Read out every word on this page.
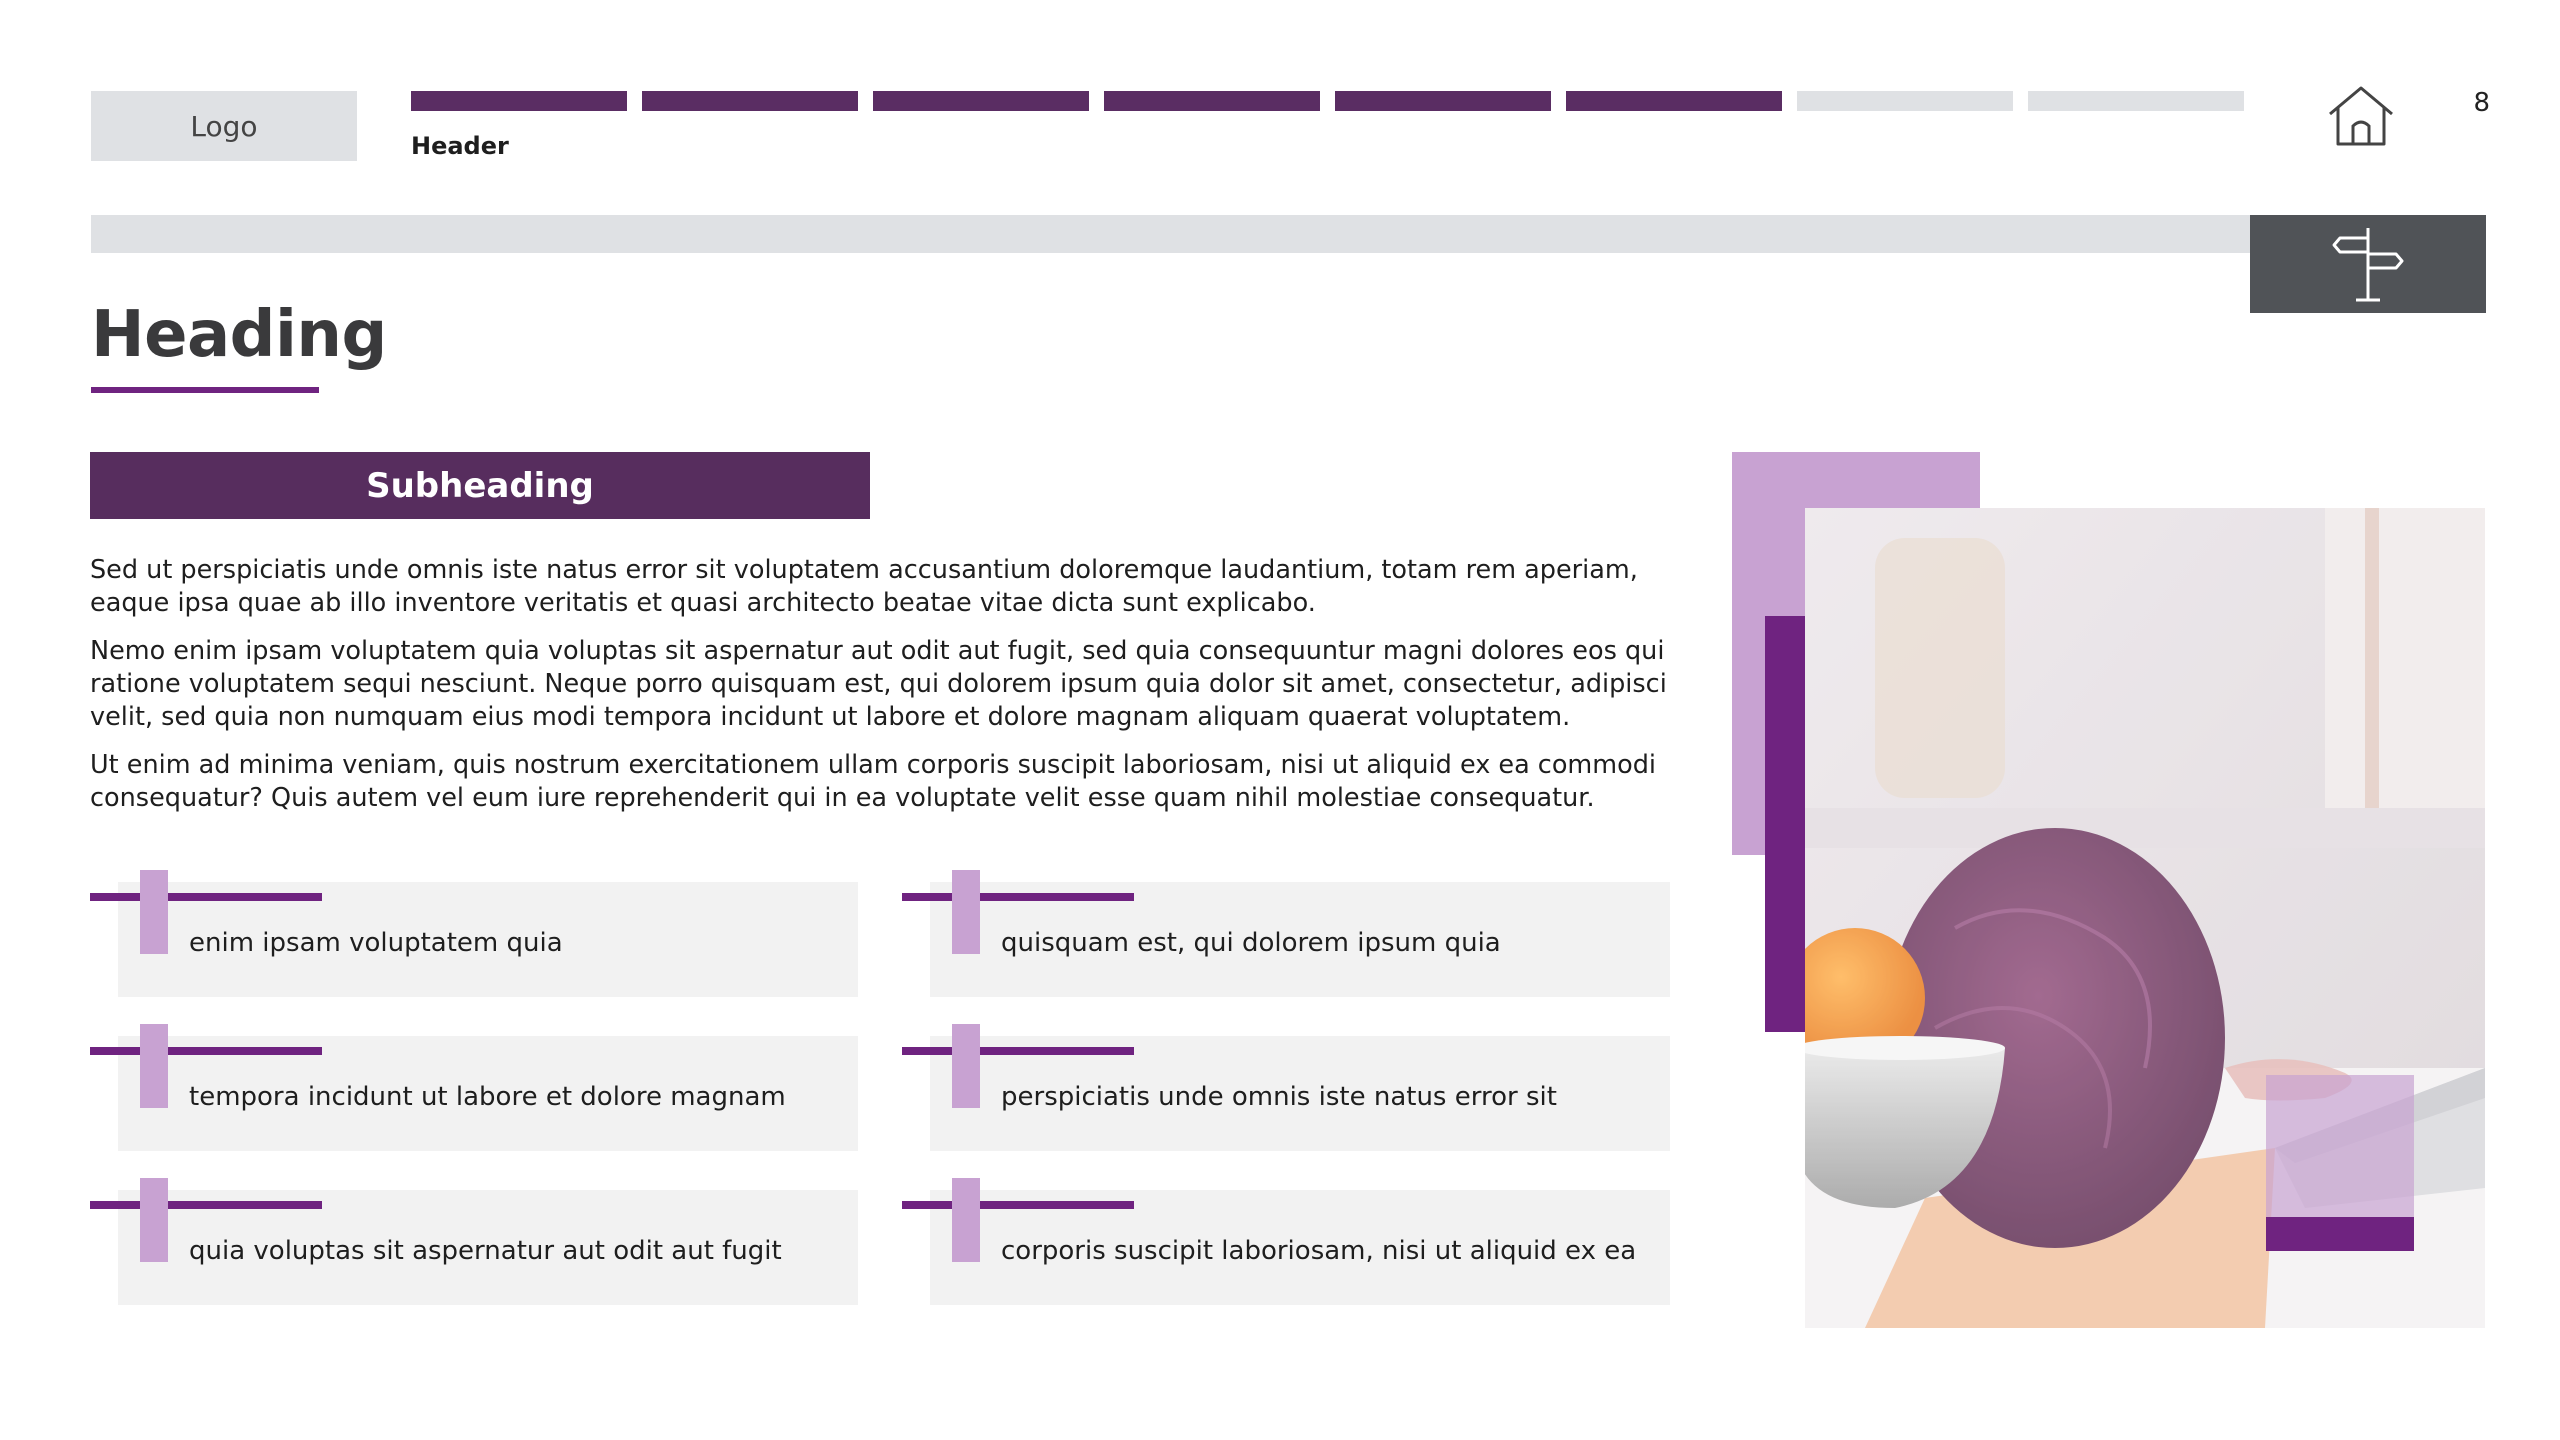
Logo
Header
8
Heading
Subheading

Sed ut perspiciatis unde omnis iste natus error sit voluptatem accusantium doloremque laudantium, totam rem aperiam, eaque ipsa quae ab illo inventore veritatis et quasi architecto beatae vitae dicta sunt explicabo.

Nemo enim ipsam voluptatem quia voluptas sit aspernatur aut odit aut fugit, sed quia consequuntur magni dolores eos qui ratione voluptatem sequi nesciunt. Neque porro quisquam est, qui dolorem ipsum quia dolor sit amet, consectetur, adipisci velit, sed quia non numquam eius modi tempora incidunt ut labore et dolore magnam aliquam quaerat voluptatem.

Ut enim ad minima veniam, quis nostrum exercitationem ullam corporis suscipit laboriosam, nisi ut aliquid ex ea commodi consequatur? Quis autem vel eum iure reprehenderit qui in ea voluptate velit esse quam nihil molestiae consequatur.

enim ipsam voluptatem quia	quisquam est, qui dolorem ipsum quia
tempora incidunt ut labore et dolore magnam	perspiciatis unde omnis iste natus error sit
quia voluptas sit aspernatur aut odit aut fugit	corporis suscipit laboriosam, nisi ut aliquid ex ea
